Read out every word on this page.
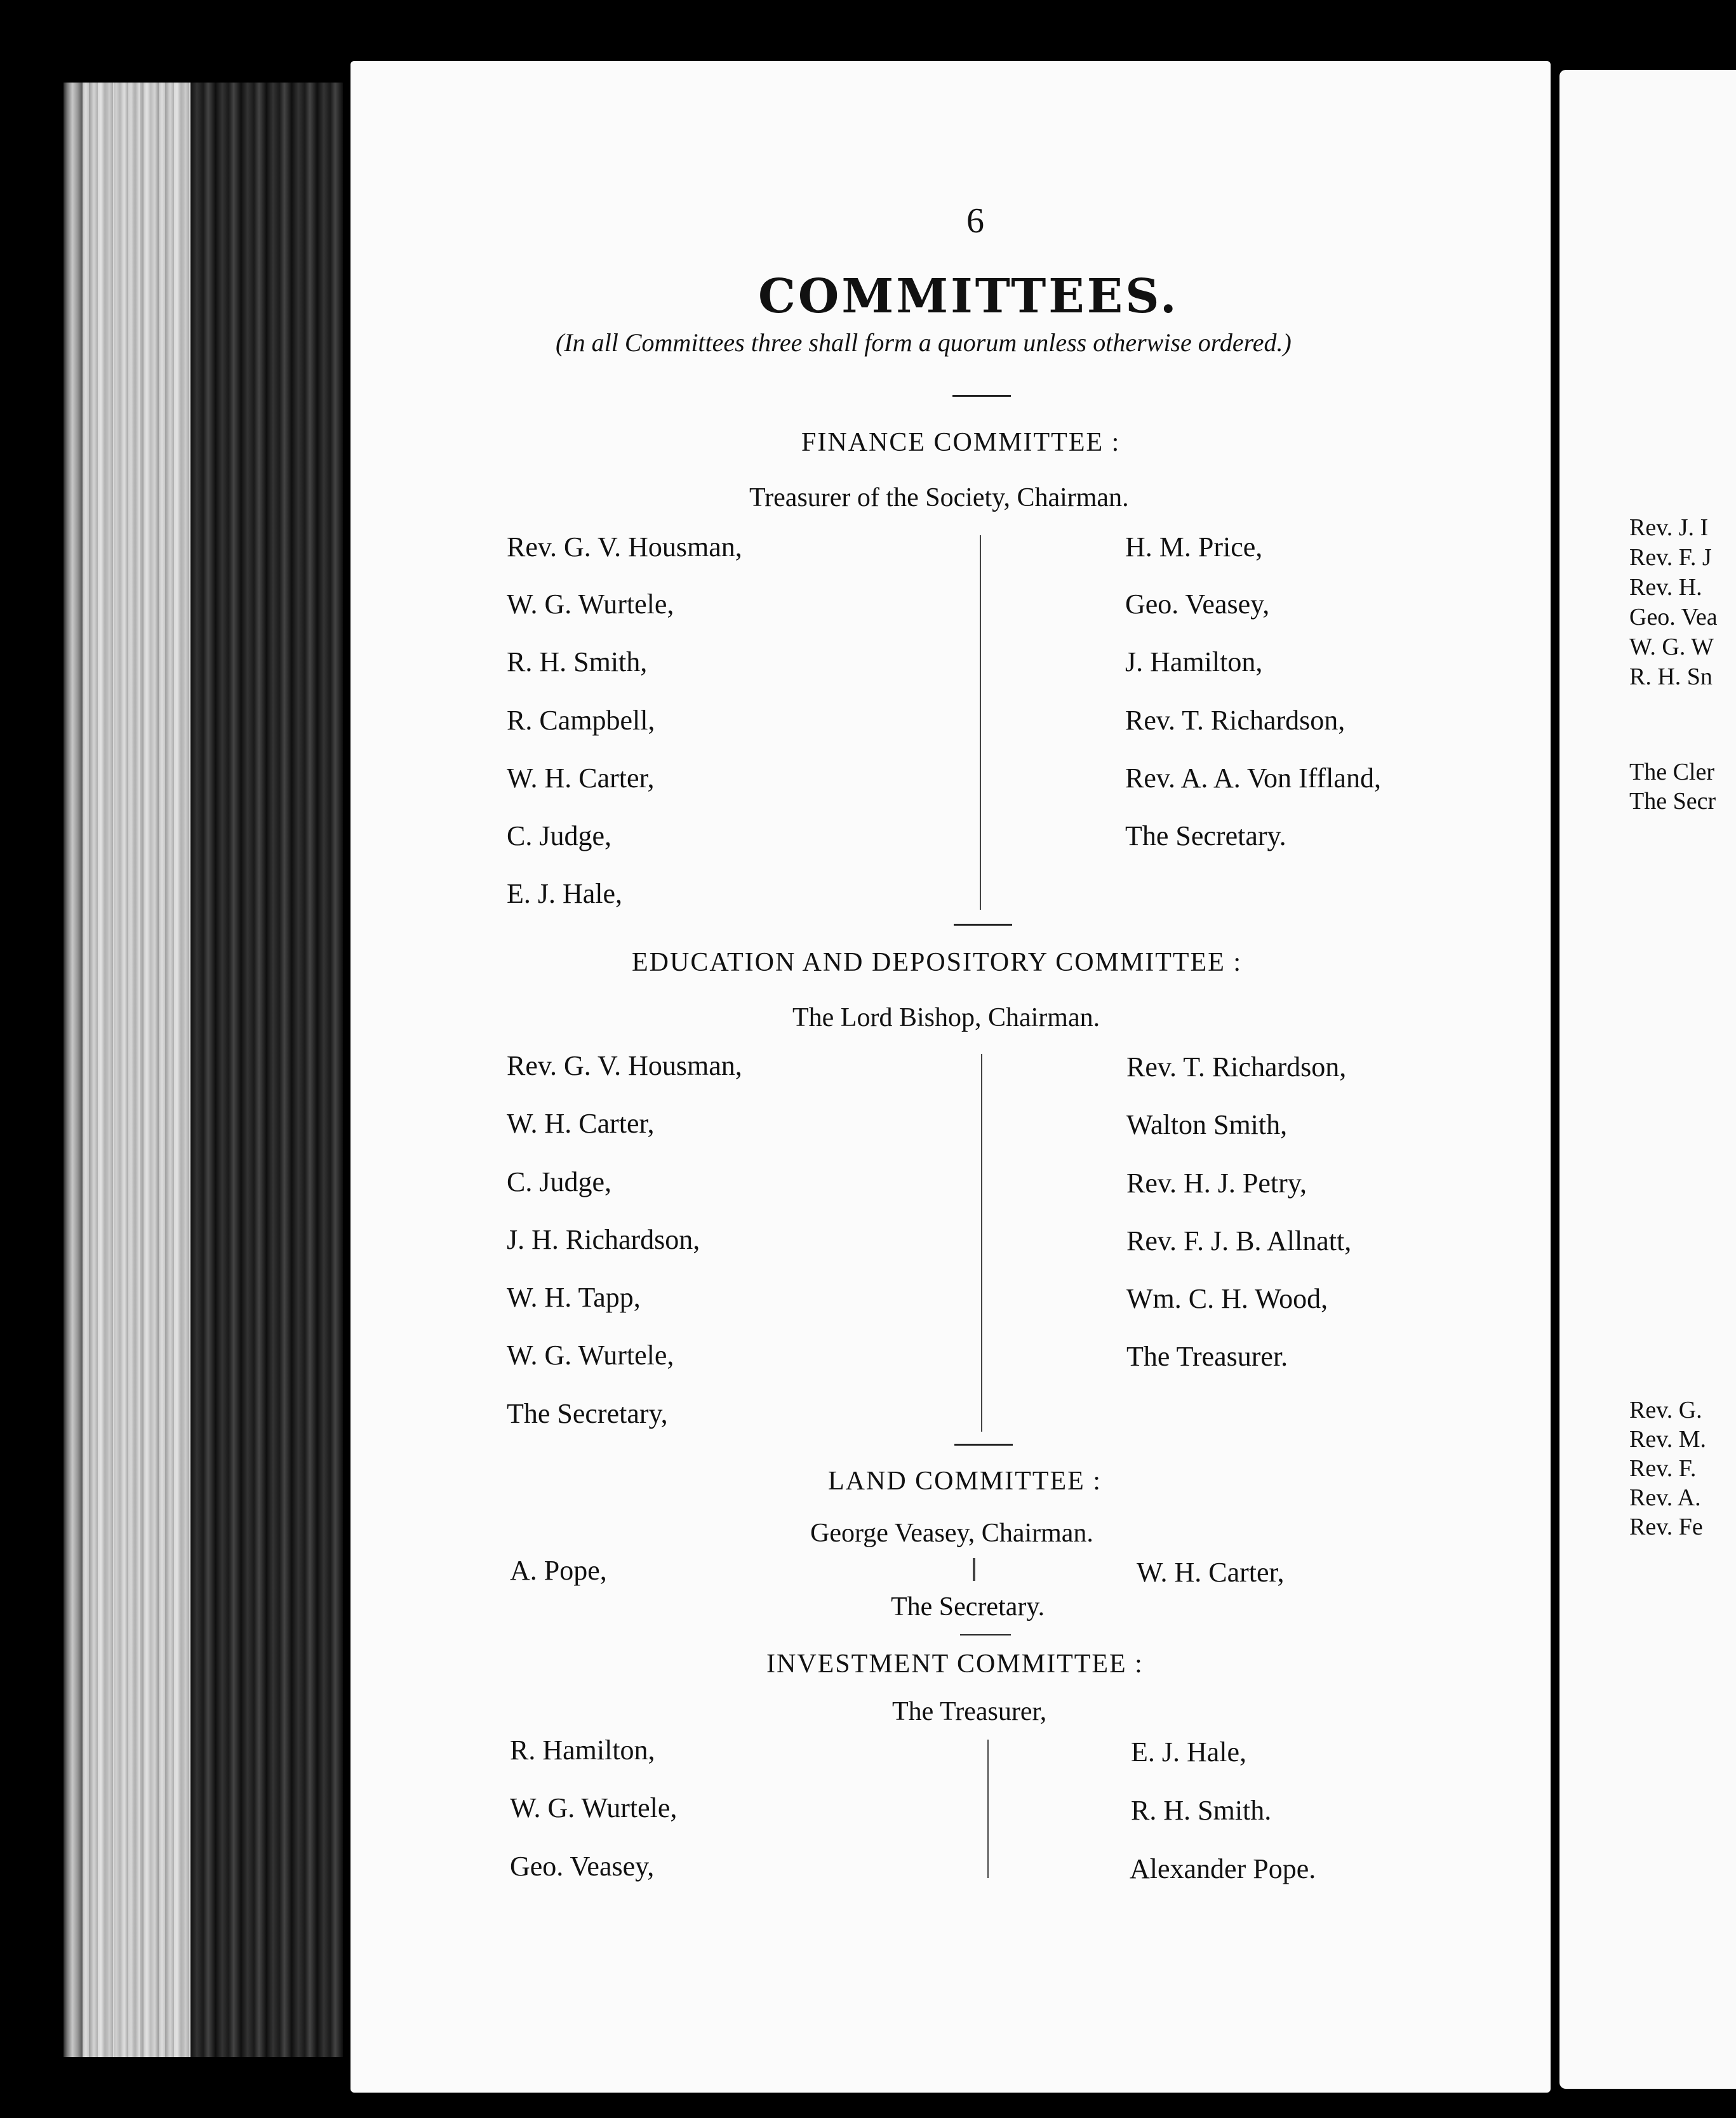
Rev. J. I
Rev. F. J
Rev. H.
Geo. Vea
W. G. W
R. H. Sn
The Cler
The Secr
Rev. G.
Rev. M.
Rev. F.
Rev. A.
Rev. Fe
6
COMMITTEES.
(In all Committees three shall form a quorum unless otherwise ordered.)
FINANCE COMMITTEE :
Treasurer of the Society, Chairman.
Rev. G. V. Housman,
W. G. Wurtele,
R. H. Smith,
R. Campbell,
W. H. Carter,
C. Judge,
E. J. Hale,
H. M. Price,
Geo. Veasey,
J. Hamilton,
Rev. T. Richardson,
Rev. A. A. Von Iffland,
The Secretary.
EDUCATION AND DEPOSITORY COMMITTEE :
The Lord Bishop, Chairman.
Rev. G. V. Housman,
W. H. Carter,
C. Judge,
J. H. Richardson,
W. H. Tapp,
W. G. Wurtele,
The Secretary,
Rev. T. Richardson,
Walton Smith,
Rev. H. J. Petry,
Rev. F. J. B. Allnatt,
Wm. C. H. Wood,
The Treasurer.
LAND COMMITTEE :
George Veasey, Chairman.
A. Pope,	W. H. Carter,
The Secretary.
INVESTMENT COMMITTEE :
The Treasurer,
R. Hamilton,
W. G. Wurtele,
Geo. Veasey,
E. J. Hale,
R. H. Smith.
Alexander Pope.
